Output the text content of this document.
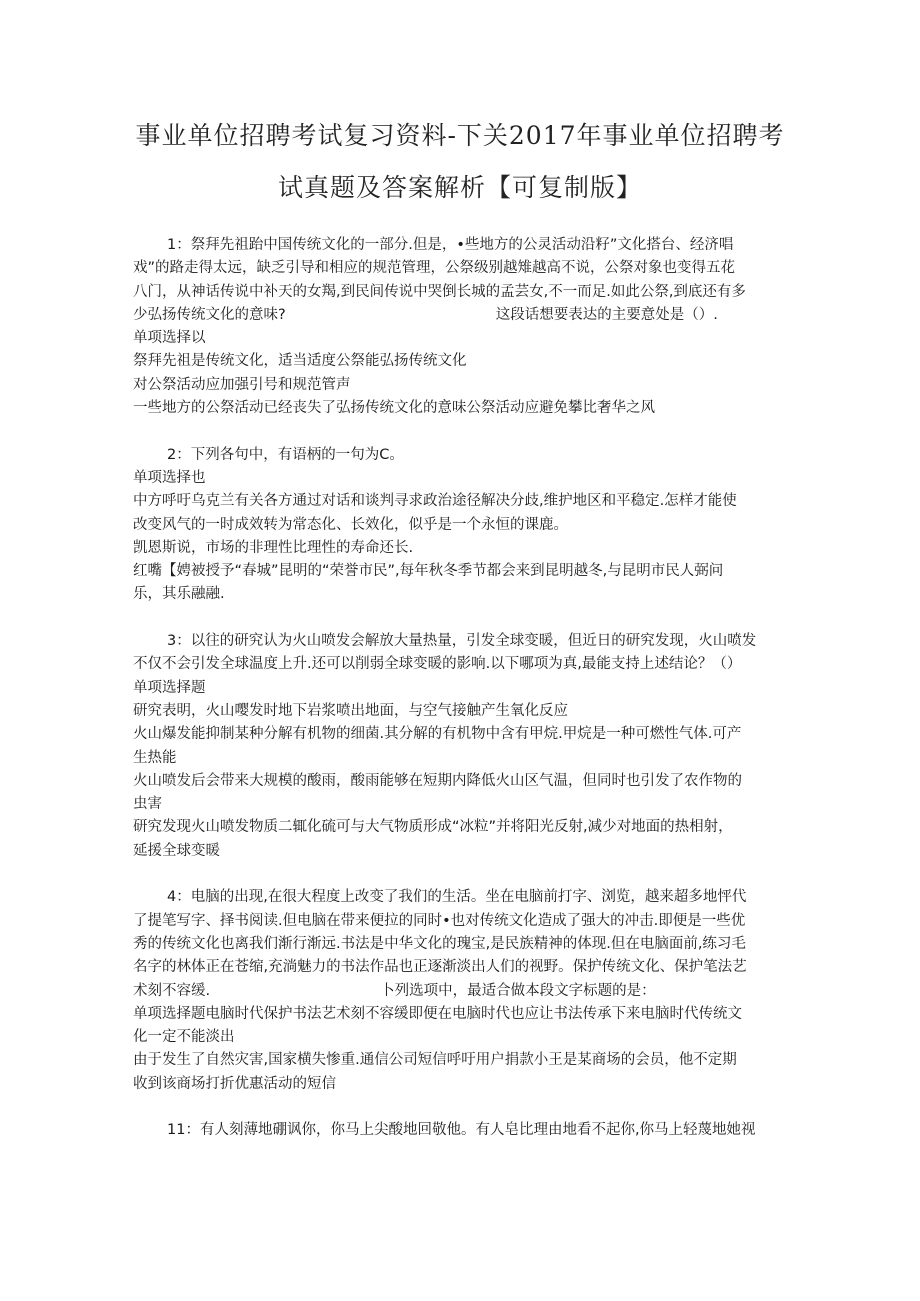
事业单位招聘考试复习资料-下关2017年事业单位招聘考
试真题及答案解析【可复制版】
1：祭拜先祖跆中国传统文化的一部分.但是，•些地方的公灵活动沿籽”文化搭台、经济唱
戏”的路走得太远，缺乏引导和相应的规范管理，公祭级别越雉越高不说，公祭对象也变得五花
八门，从神话传说中补天的女羯,到民间传说中哭倒长城的孟芸女,不一而足.如此公祭,到底还有多
少弘扬传统文化的意味?	这段话想要表达的主要意处是（）.
单项选择以
祭拜先祖是传统文化，适当适度公祭能弘扬传统文化
对公祭活动应加强引号和规范管声
一些地方的公祭活动已经丧失了弘扬传统文化的意味公祭活动应避免攀比奢华之风
2：下列各句中，有语柄的一句为C。
单项选择也
中方呼吁乌克兰有关各方通过对话和谈判寻求政治途径解决分歧,维护地区和平稳定.怎样才能使
改变风气的一时成效转为常态化、长效化，似乎是一个永恒的课鹿。
凯恩斯说，市场的非理性比理性的寿命还长.
红嘴【娉被授予“春城”昆明的“荣誉市民”,每年秋冬季节都会来到昆明越冬,与昆明市民人弼问
乐，其乐融融.
3：以往的研究认为火山喷发会解放大量热量，引发全球变暖，但近日的研究发现，火山喷发
不仅不会引发全球温度上升.还可以削弱全球变暖的影响.以下哪项为真,最能支持上述结论？（）
单项选择题
研究表明，火山嘤发时地下岩浆喷出地面，与空气接触产生氧化反应
火山爆发能抑制某种分解有机物的细菌.其分解的有机物中含有甲烷.甲烷是一种可燃性气体.可产
生热能
火山喷发后会带来大规模的酸雨，酸雨能够在短期内降低火山区气温，但同时也引发了农作物的
虫害
研究发现火山喷发物质二辄化硫可与大气物质形成“冰粒”并将阳光反射,减少对地面的热相射，
延援全球变暖
4：电脑的出现,在很大程度上改变了我们的生活。坐在电脑前打字、浏览，越来超多地怦代
了提笔写字、择书阅读.但电脑在带来便拉的同时•也对传统文化造成了强大的冲击.即便是一些优
秀的传统文化也离我们渐行渐远.书法是中华文化的瑰宝,是民族精神的体现.但在电脑面前,练习毛
名字的林体正在苍缩,充淌魅力的书法作品也正逐渐淡出人们的视野。保护传统文化、保护笔法艺
术刻不容缓.	卜列选项中，最适合做本段文字标题的是：
单项选择题电脑时代保护书法艺术刻不容缓即便在电脑时代也应让书法传承下来电脑时代传统文
化一定不能淡出
由于发生了自然灾害,国家横失惨重.通信公司短信呼吁用户捐款小王是某商场的会员，他不定期
收到该商场打折优惠活动的短信
11：有人刻薄地硼讽你，你马上尖酸地回敬他。有人皂比理由地看不起你,你马上轻蔑地她视
